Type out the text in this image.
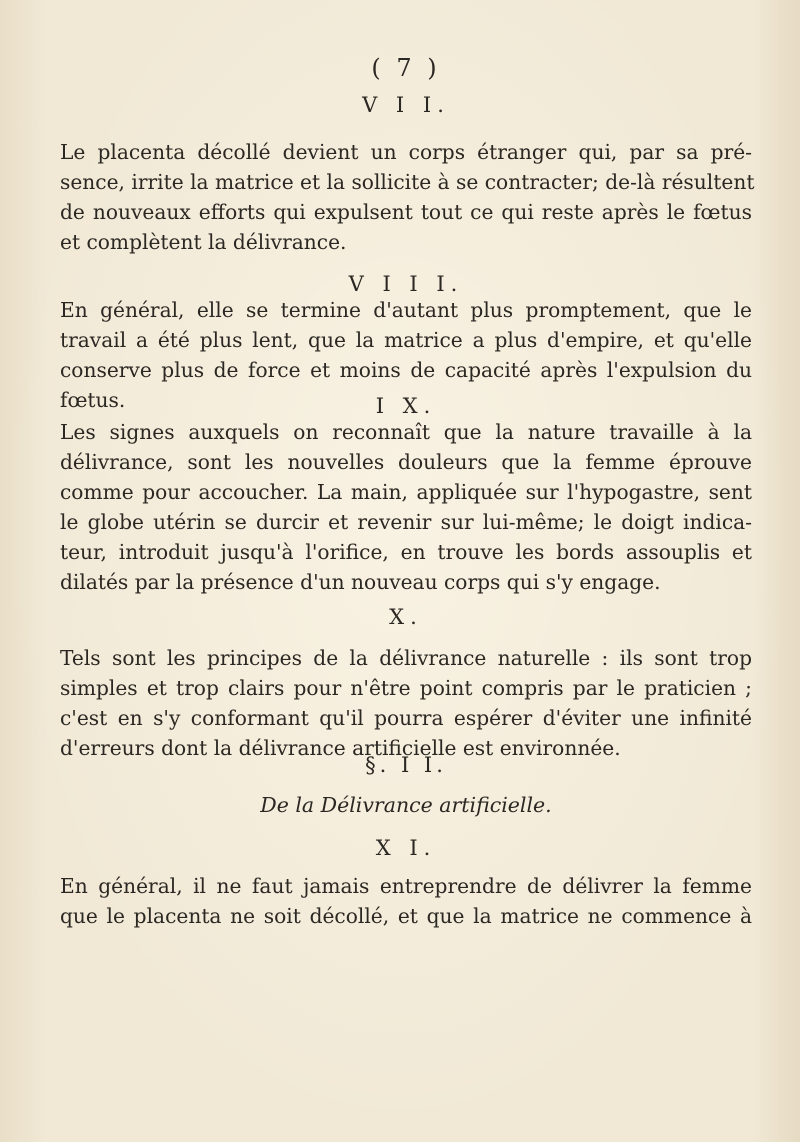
( 7 )
V I I.
Le placenta décollé devient un corps étranger qui, par sa pré-
sence, irrite la matrice et la sollicite à se contracter; de-là résultent
de nouveaux efforts qui expulsent tout ce qui reste après le fœtus
et complètent la délivrance.
V I I I.
En général, elle se termine d'autant plus promptement, que le
travail a été plus lent, que la matrice a plus d'empire, et qu'elle
conserve plus de force et moins de capacité après l'expulsion du
fœtus.	I X.
Les signes auxquels on reconnaît que la nature travaille à la
délivrance, sont les nouvelles douleurs que la femme éprouve
comme pour accoucher. La main, appliquée sur l'hypogastre, sent
le globe utérin se durcir et revenir sur lui-même; le doigt indica-
teur, introduit jusqu'à l'orifice, en trouve les bords assouplis et
dilatés par la présence d'un nouveau corps qui s'y engage.
X.
Tels sont les principes de la délivrance naturelle : ils sont trop
simples et trop clairs pour n'être point compris par le praticien ;
c'est en s'y conformant qu'il pourra espérer d'éviter une infinité
d'erreurs dont la délivrance artificielle est environnée.
§. I I.
De la Délivrance artificielle.
X I.
En général, il ne faut jamais entreprendre de délivrer la femme
que le placenta ne soit décollé, et que la matrice ne commence à
